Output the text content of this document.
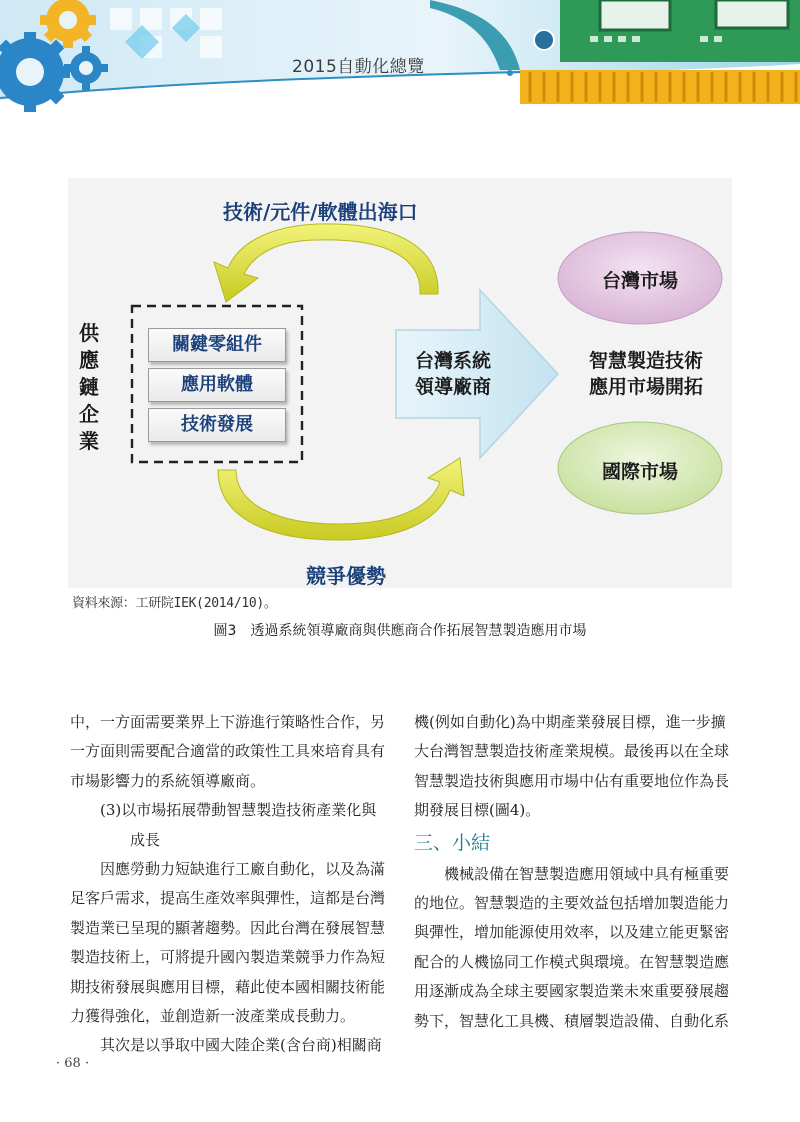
2015自動化總覽
技術/元件/軟體出海口
競爭優勢
供
應
鏈
企
業
關鍵零組件
應用軟體
技術發展
台灣系統
領導廠商
智慧製造技術
應用市場開拓
台灣市場
國際市場
資料來源：工研院IEK(2014/10)。
圖3　透過系統領導廠商與供應商合作拓展智慧製造應用市場

中，一方面需要業界上下游進行策略性合作，另一方面則需要配合適當的政策性工具來培育具有市場影響力的系統領導廠商。

(3)以市場拓展帶動智慧製造技術產業化與

成長

因應勞動力短缺進行工廠自動化，以及為滿足客戶需求，提高生產效率與彈性，這都是台灣製造業已呈現的顯著趨勢。因此台灣在發展智慧製造技術上，可將提升國內製造業競爭力作為短期技術發展與應用目標，藉此使本國相關技術能力獲得強化，並創造新一波產業成長動力。

其次是以爭取中國大陸企業(含台商)相關商

機(例如自動化)為中期產業發展目標，進一步擴大台灣智慧製造技術產業規模。最後再以在全球智慧製造技術與應用市場中佔有重要地位作為長期發展目標(圖4)。

三、小結

機械設備在智慧製造應用領域中具有極重要的地位。智慧製造的主要效益包括增加製造能力與彈性，增加能源使用效率，以及建立能更緊密配合的人機協同工作模式與環境。在智慧製造應用逐漸成為全球主要國家製造業未來重要發展趨勢下，智慧化工具機、積層製造設備、自動化系

· 68 ·
